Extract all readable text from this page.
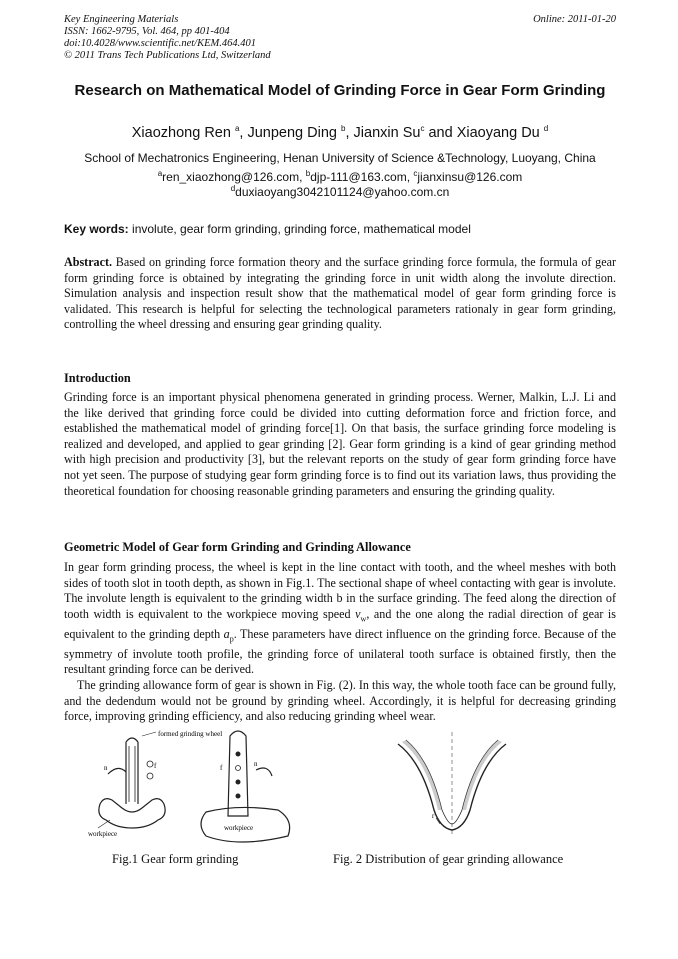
Key Engineering Materials
ISSN: 1662-9795, Vol. 464, pp 401-404
doi:10.4028/www.scientific.net/KEM.464.401
© 2011 Trans Tech Publications Ltd, Switzerland
Online: 2011-01-20
Research on Mathematical Model of Grinding Force in Gear Form Grinding
Xiaozhong Ren $^a$, Junpeng Ding $^b$, Jianxin Su$^c$ and Xiaoyang Du $^d$
School of Mechatronics Engineering, Henan University of Science &Technology, Luoyang, China
$^a$ren_xiaozhong@126.com, $^b$djp-111@163.com, $^c$jianxinsu@126.com
$^d$duxiaoyang3042101124@yahoo.com.cn
Key words: involute, gear form grinding, grinding force, mathematical model
Abstract. Based on grinding force formation theory and the surface grinding force formula, the formula of gear form grinding force is obtained by integrating the grinding force in unit width along the involute direction. Simulation analysis and inspection result show that the mathematical model of gear form grinding force is validated. This research is helpful for selecting the technological parameters rationaly in gear form grinding, controlling the wheel dressing and ensuring gear grinding quality.
Introduction

Grinding force is an important physical phenomena generated in grinding process. Werner, Malkin, L.J. Li and the like derived that grinding force could be divided into cutting deformation force and friction force, and established the mathematical model of grinding force[1]. On that basis, the surface grinding force modeling is realized and developed, and applied to gear grinding [2]. Gear form grinding is a kind of gear grinding method with high precision and productivity [3], but the relevant reports on the study of gear form grinding force have not yet seen. The purpose of studying gear form grinding force is to find out its variation laws, thus providing the theoretical foundation for choosing reasonable grinding parameters and ensuring the grinding quality.

Geometric Model of Gear form Grinding and Grinding Allowance

In gear form grinding process, the wheel is kept in the line contact with tooth, and the wheel meshes with both sides of tooth slot in tooth depth, as shown in Fig.1. The sectional shape of wheel contacting with gear is involute. The involute length is equivalent to the grinding width b in the surface grinding. The feed along the direction of tooth width is equivalent to the workpiece moving speed $v_w$, and the one along the radial direction of gear is equivalent to the grinding depth $a_p$. These parameters have direct influence on the grinding force. Because of the symmetry of involute tooth profile, the grinding force of unilateral tooth surface is obtained firstly, then the resultant grinding force can be derived.

The grinding allowance form of gear is shown in Fig. (2). In this way, the whole tooth face can be ground fully, and the dedendum would not be ground by grinding wheel. Accordingly, it is helpful for decreasing grinding force, improving grinding efficiency, and also reducing grinding wheel wear.

formed grinding wheel
workpiece
workpiece
n	f	n
f
Fig.1 Gear form grinding
r
Fig. 2 Distribution of gear grinding allowance
